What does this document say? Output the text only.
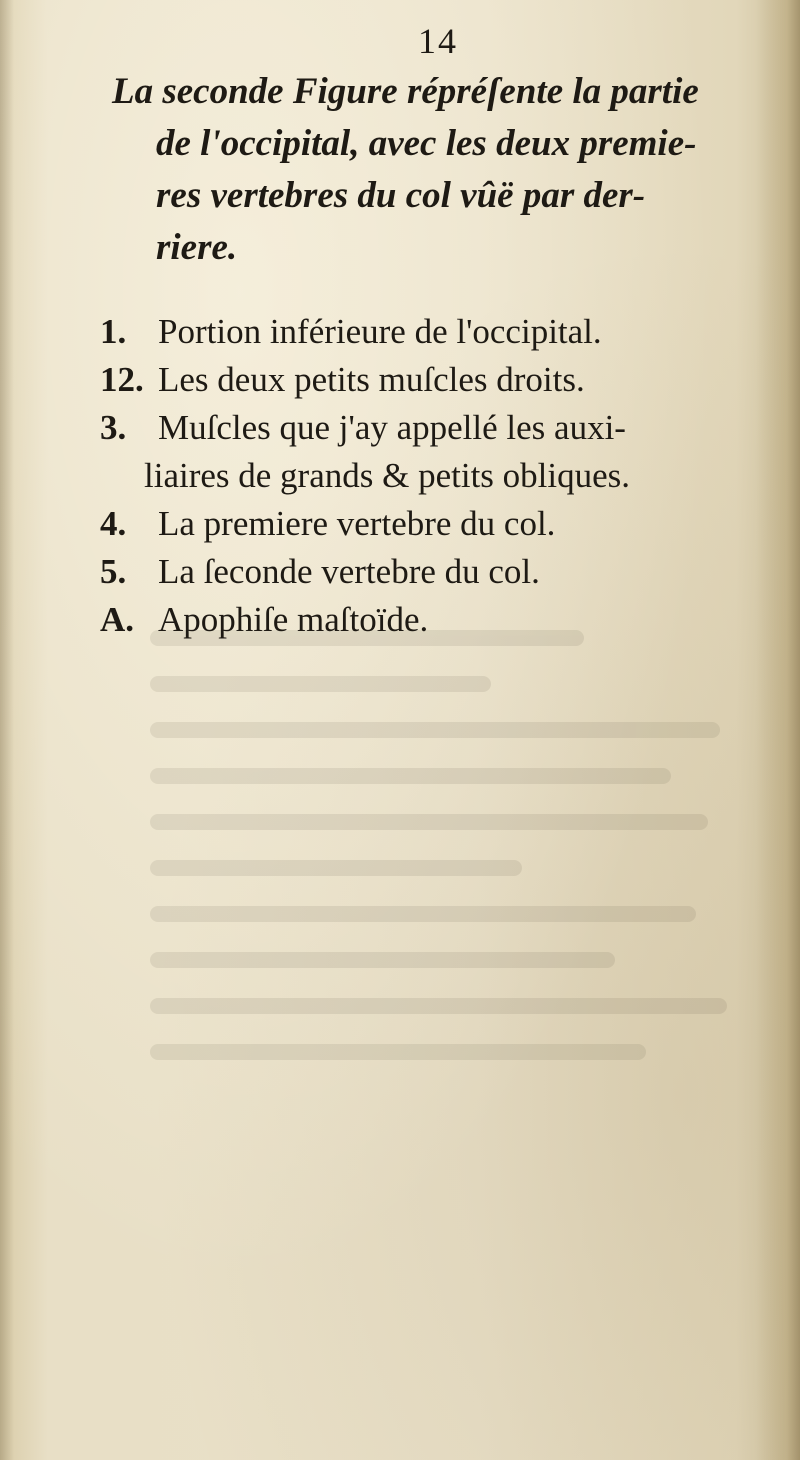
14
La seconde Figure répréſente la partie
de l'occipital, avec les deux premie-
res vertebres du col vûë par der-
riere.
1. Portion inférieure de l'occipital.
12. Les deux petits muſcles droits.
3. Muſcles que j'ay appellé les auxi-
liaires de grands & petits obliques.
4. La premiere vertebre du col.
5. La ſeconde vertebre du col.
A. Apophiſe maſtoïde.
